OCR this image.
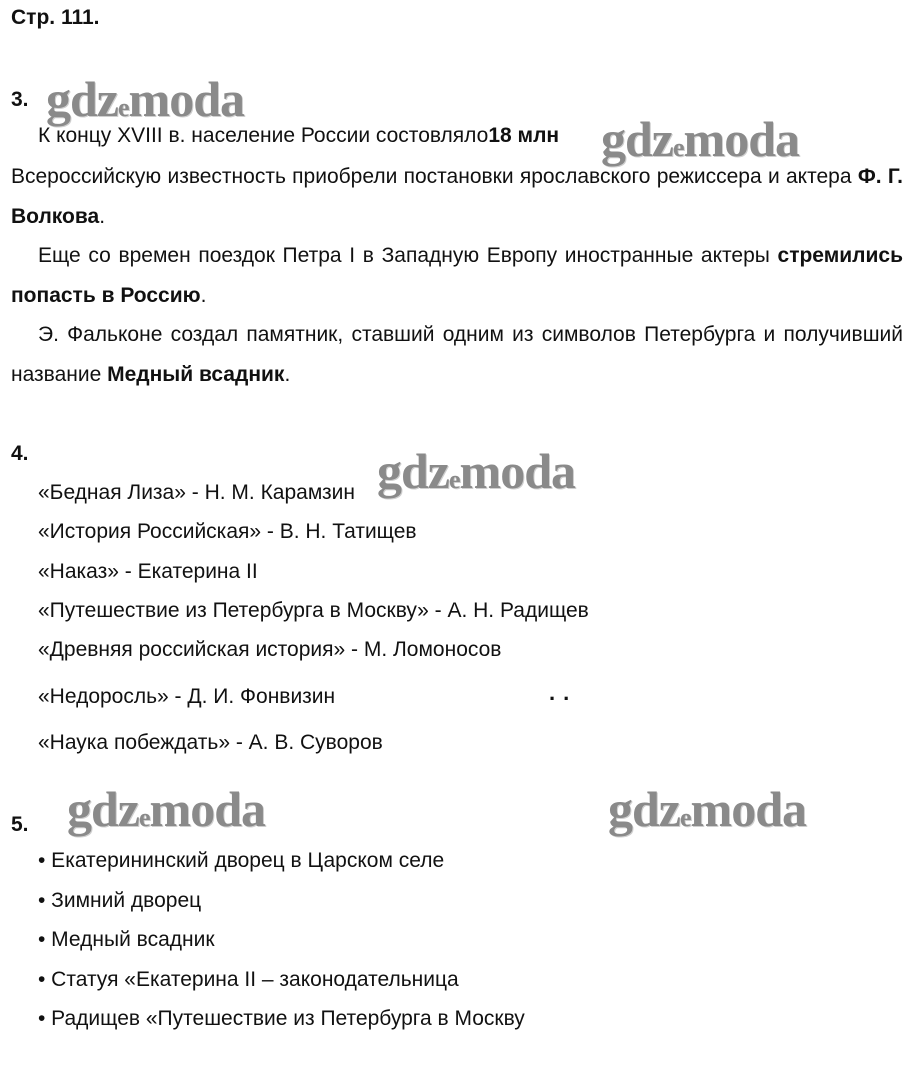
Стр. 111.
3.
К концу XVIII в. население России состовляло18 млн
Всероссийскую известность приобрели постановки ярославского режиссера и актера Ф. Г. Волкова.
Еще со времен поездок Петра I в Западную Европу иностранные актеры стремились попасть в Россию.
Э. Фальконе создал памятник, ставший одним из символов Петербурга и получивший название Медный всадник.
4.
«Бедная Лиза» - Н. М. Карамзин
«История Российская» - В. Н. Татищев
«Наказ» - Екатерина II
«Путешествие из Петербурга в Москву» - А. Н. Радищев
«Древняя российская история» - М. Ломоносов
«Недоросль» - Д. И. Фонвизин
«Наука побеждать» - А. В. Суворов
..
5.
• Екатерининский дворец в Царском селе
• Зимний дворец
• Медный всадник
• Статуя «Екатерина II – законодательница
• Радищев «Путешествие из Петербурга в Москву
gdzemoda
gdzemoda
gdzemoda
gdzemoda	gdzemoda
